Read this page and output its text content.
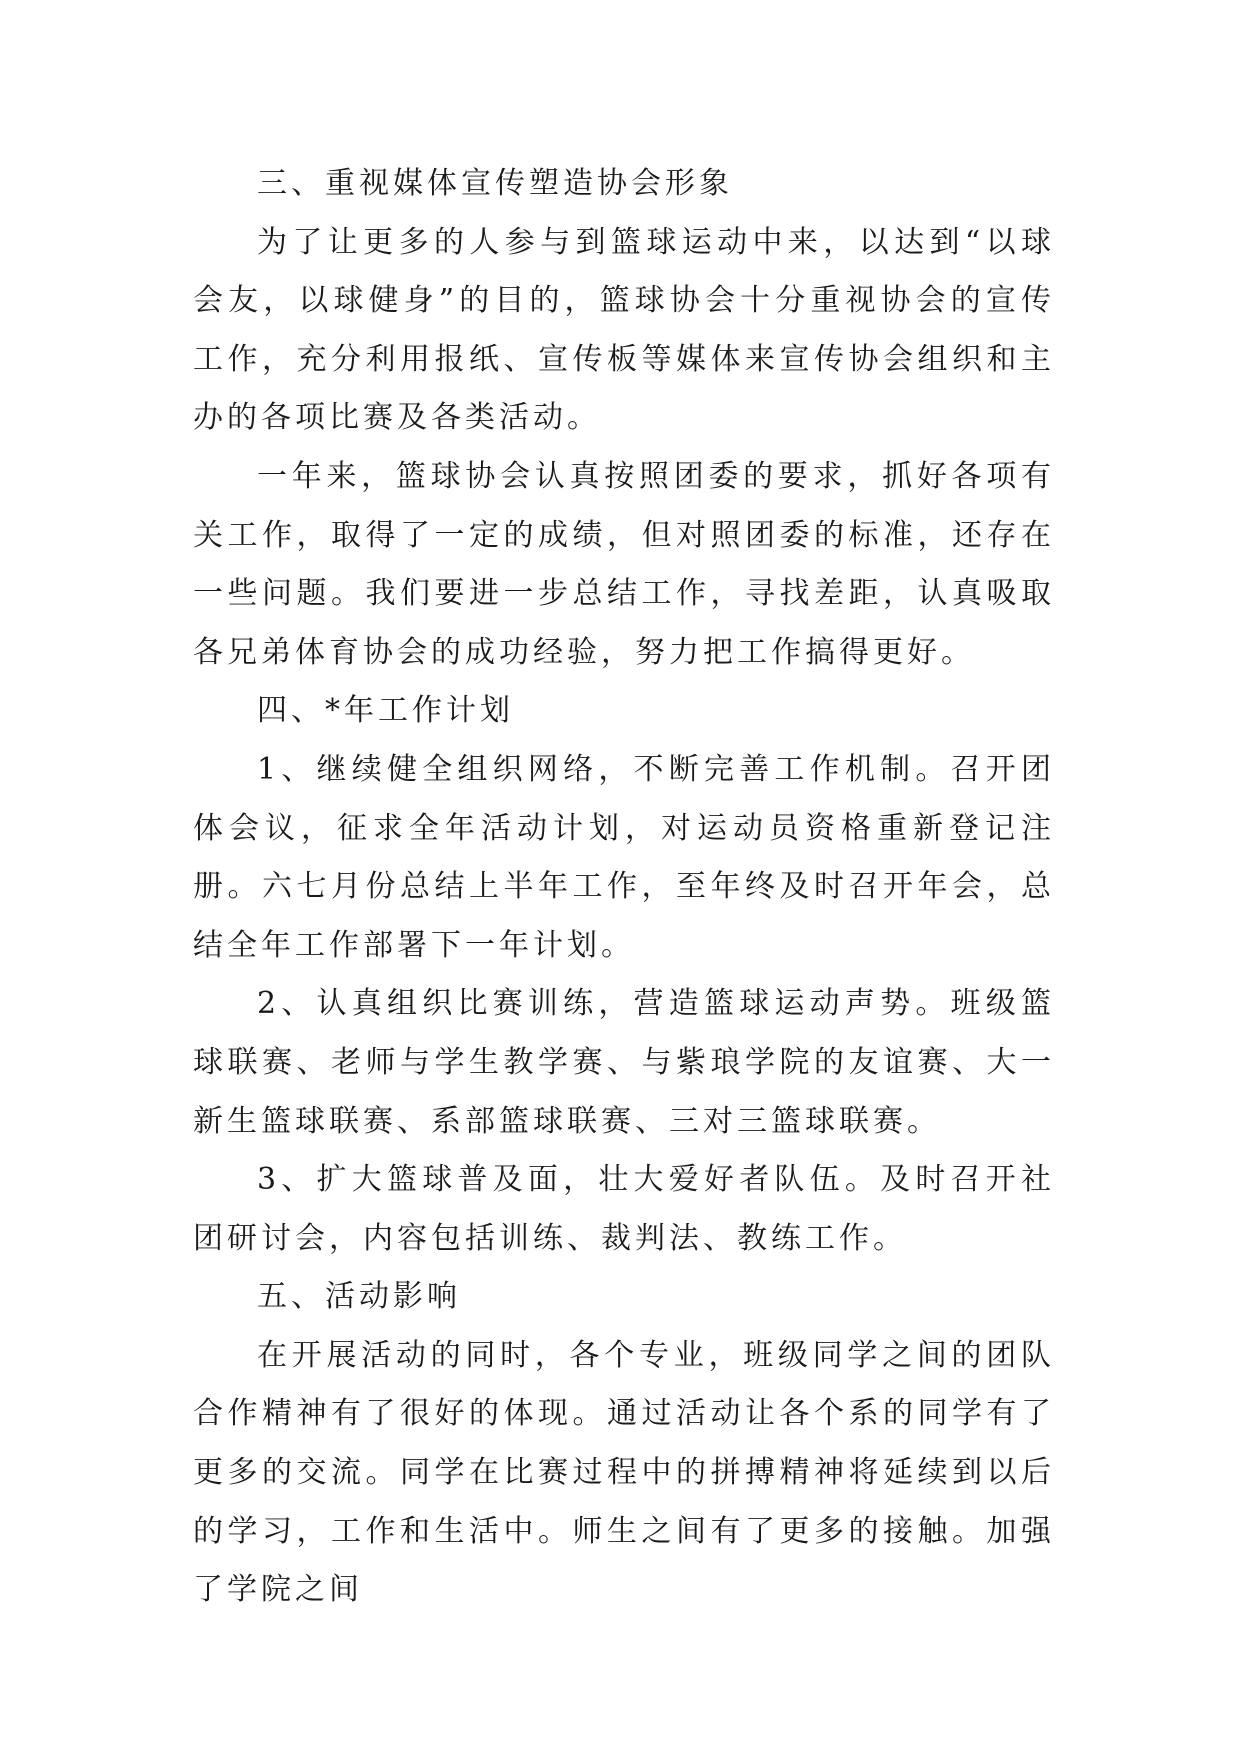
三、重视媒体宣传塑造协会形象

为了让更多的人参与到篮球运动中来，以达到“以球会友，以球健身”的目的，篮球协会十分重视协会的宣传工作，充分利用报纸、宣传板等媒体来宣传协会组织和主办的各项比赛及各类活动。

一年来，篮球协会认真按照团委的要求，抓好各项有关工作，取得了一定的成绩，但对照团委的标准，还存在一些问题。我们要进一步总结工作，寻找差距，认真吸取各兄弟体育协会的成功经验，努力把工作搞得更好。

四、*年工作计划

1、继续健全组织网络，不断完善工作机制。召开团体会议，征求全年活动计划，对运动员资格重新登记注册。六七月份总结上半年工作，至年终及时召开年会，总结全年工作部署下一年计划。

2、认真组织比赛训练，营造篮球运动声势。班级篮球联赛、老师与学生教学赛、与紫琅学院的友谊赛、大一新生篮球联赛、系部篮球联赛、三对三篮球联赛。

3、扩大篮球普及面，壮大爱好者队伍。及时召开社团研讨会，内容包括训练、裁判法、教练工作。

五、活动影响

在开展活动的同时，各个专业，班级同学之间的团队合作精神有了很好的体现。通过活动让各个系的同学有了更多的交流。同学在比赛过程中的拼搏精神将延续到以后的学习，工作和生活中。师生之间有了更多的接触。加强了学院之间
